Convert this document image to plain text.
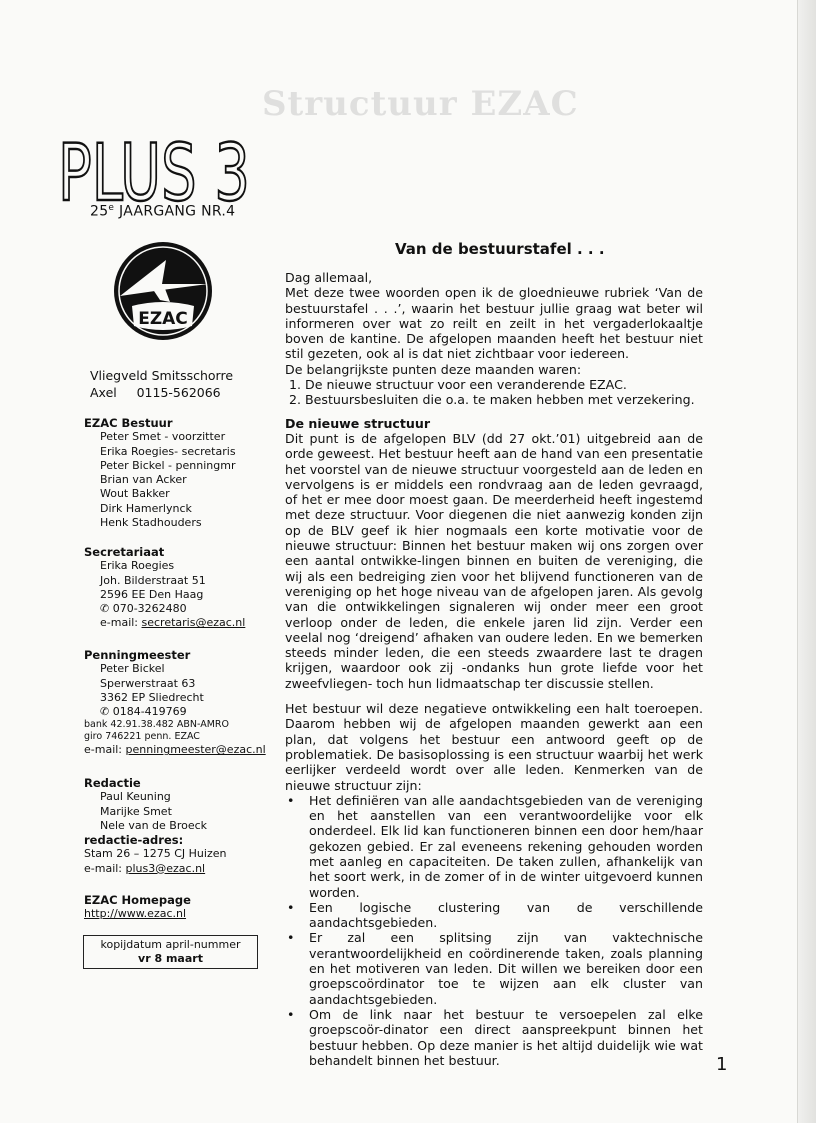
Structuur EZAC
PLUS 3
25e JAARGANG NR.4
EZAC
Vliegveld Smitsschorre
Axel     0115-562066
EZAC Bestuur
Peter Smet - voorzitter
Erika Roegies- secretaris
Peter Bickel - penningmr
Brian van Acker
Wout Bakker
Dirk Hamerlynck
Henk Stadhouders
Secretariaat
Erika Roegies
Joh. Bilderstraat 51
2596 EE Den Haag
✆ 070-3262480
e-mail: secretaris@ezac.nl
Penningmeester
Peter Bickel
Sperwerstraat 63
3362 EP Sliedrecht
✆ 0184-419769
bank 42.91.38.482 ABN-AMRO
giro 746221 penn. EZAC
e-mail: penningmeester@ezac.nl
Redactie
Paul Keuning
Marijke Smet
Nele van de Broeck
redactie-adres:
Stam 26 – 1275 CJ Huizen
e-mail: plus3@ezac.nl
EZAC Homepage
http://www.ezac.nl
kopijdatum april-nummer
vr 8 maart
Van de bestuurstafel . . .

Dag allemaal,

Met deze twee woorden open ik de gloednieuwe rubriek ‘Van de bestuurstafel . . .’, waarin het bestuur jullie graag wat beter wil informeren over wat zo reilt en zeilt in het vergaderlokaaltje boven de kantine. De afgelopen maanden heeft het bestuur niet stil gezeten, ook al is dat niet zichtbaar voor iedereen.

De belangrijkste punten deze maanden waren:

1. De nieuwe structuur voor een veranderende EZAC.
2. Bestuursbesluiten die o.a. te maken hebben met verzekering.

De nieuwe structuur

Dit punt is de afgelopen BLV (dd 27 okt.’01) uitgebreid aan de orde geweest. Het bestuur heeft aan de hand van een presentatie het voorstel van de nieuwe structuur voorgesteld aan de leden en vervolgens is er middels een rondvraag aan de leden gevraagd, of het er mee door moest gaan. De meerderheid heeft ingestemd met deze structuur. Voor diegenen die niet aanwezig konden zijn op de BLV geef ik hier nogmaals een korte motivatie voor de nieuwe structuur: Binnen het bestuur maken wij ons zorgen over een aantal ontwikke-lingen binnen en buiten de vereniging, die wij als een bedreiging zien voor het blijvend functioneren van de vereniging op het hoge niveau van de afgelopen jaren. Als gevolg van die ontwikkelingen signaleren wij onder meer een groot verloop onder de leden, die enkele jaren lid zijn. Verder een veelal nog ‘dreigend’ afhaken van oudere leden. En we bemerken steeds minder leden, die een steeds zwaardere last te dragen krijgen, waardoor ook zij -ondanks hun grote liefde voor het zweefvliegen- toch hun lidmaatschap ter discussie stellen.

Het bestuur wil deze negatieve ontwikkeling een halt toeroepen. Daarom hebben wij de afgelopen maanden gewerkt aan een plan, dat volgens het bestuur een antwoord geeft op de problematiek. De basisoplossing is een structuur waarbij het werk eerlijker verdeeld wordt over alle leden. Kenmerken van de nieuwe structuur zijn:

• Het definiëren van alle aandachtsgebieden van de vereniging en het aanstellen van een verantwoordelijke voor elk onderdeel. Elk lid kan functioneren binnen een door hem/haar gekozen gebied. Er zal eveneens rekening gehouden worden met aanleg en capaciteiten. De taken zullen, afhankelijk van het soort werk, in de zomer of in de winter uitgevoerd kunnen worden.
• Een logische clustering van de verschillende aandachtsgebieden.
• Er zal een splitsing zijn van vaktechnische verantwoordelijkheid en coördinerende taken, zoals planning en het motiveren van leden. Dit willen we bereiken door een groepscoördinator toe te wijzen aan elk cluster van aandachtsgebieden.
• Om de link naar het bestuur te versoepelen zal elke groepscoör-dinator een direct aanspreekpunt binnen het bestuur hebben. Op deze manier is het altijd duidelijk wie wat behandelt binnen het bestuur.	1
